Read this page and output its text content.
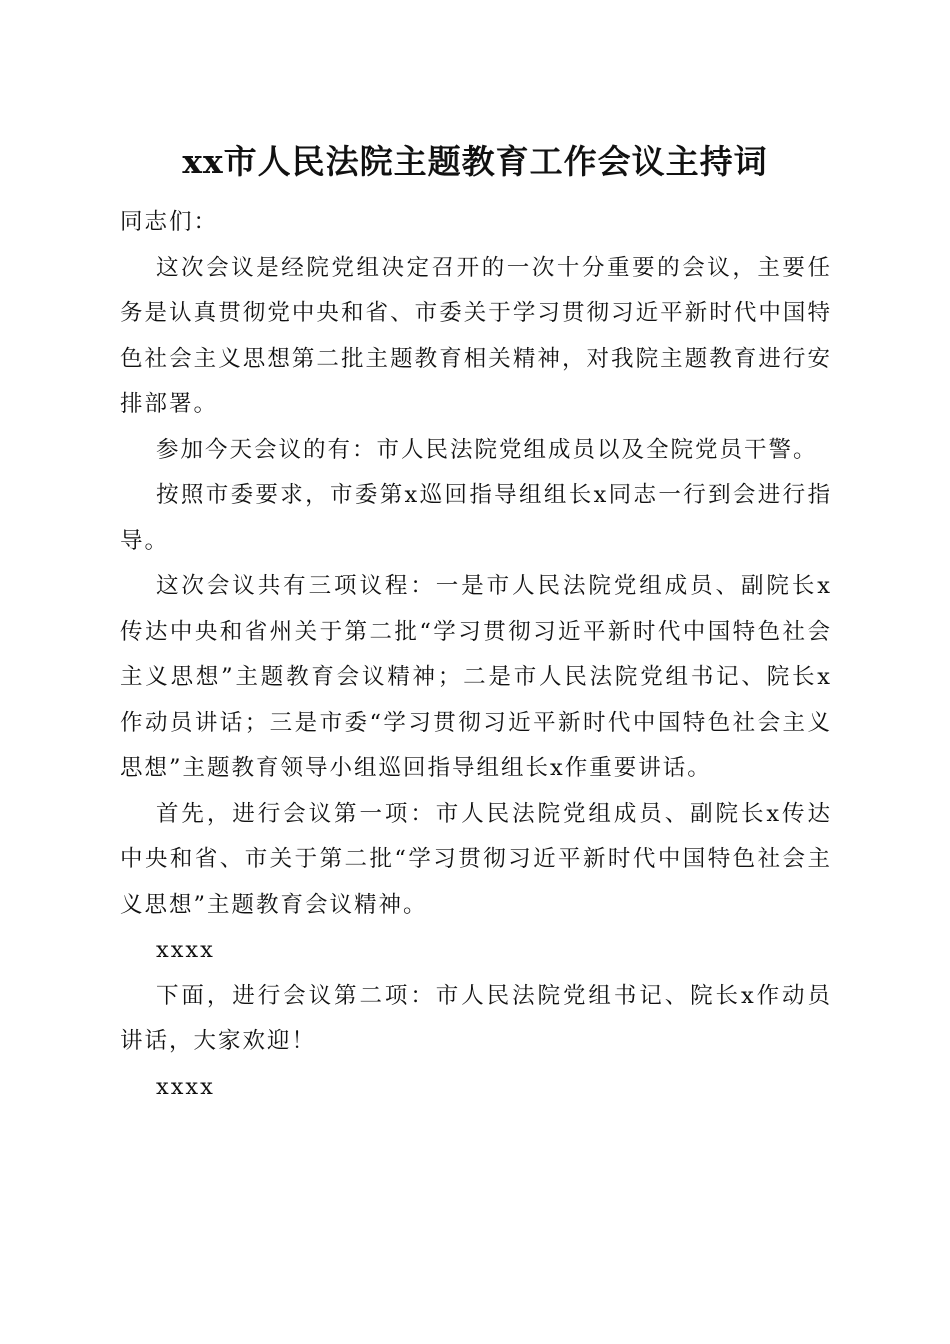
xx市人民法院主题教育工作会议主持词

同志们：

这次会议是经院党组决定召开的一次十分重要的会议，主要任务是认真贯彻党中央和省、市委关于学习贯彻习近平新时代中国特色社会主义思想第二批主题教育相关精神，对我院主题教育进行安排部署。

参加今天会议的有：市人民法院党组成员以及全院党员干警。

按照市委要求，市委第x巡回指导组组长x同志一行到会进行指导。

这次会议共有三项议程：一是市人民法院党组成员、副院长x传达中央和省州关于第二批“学习贯彻习近平新时代中国特色社会主义思想”主题教育会议精神；二是市人民法院党组书记、院长x作动员讲话；三是市委“学习贯彻习近平新时代中国特色社会主义思想”主题教育领导小组巡回指导组组长x作重要讲话。

首先，进行会议第一项：市人民法院党组成员、副院长x传达中央和省、市关于第二批“学习贯彻习近平新时代中国特色社会主义思想”主题教育会议精神。

xxxx

下面，进行会议第二项：市人民法院党组书记、院长x作动员讲话，大家欢迎！

xxxx
